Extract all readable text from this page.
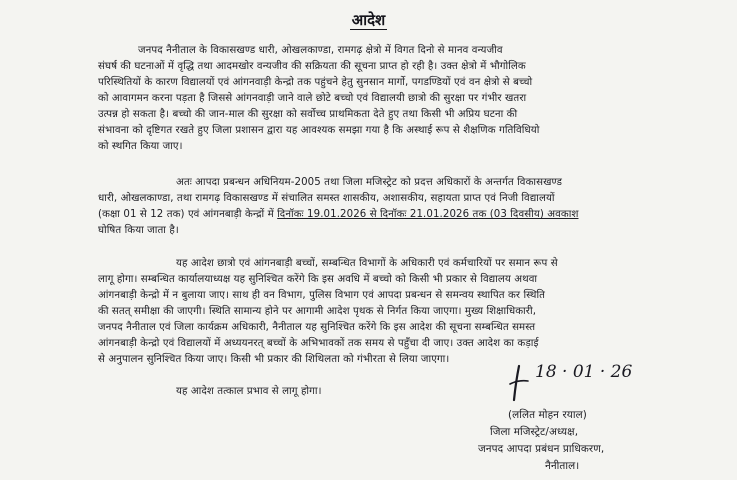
आदेश
जनपद नैनीताल के विकासखण्ड धारी, ओखलकाण्डा, रामगढ़ क्षेत्रो में विगत दिनो से मानव वन्यजीव
संघर्ष की घटनाओं में वृद्धि तथा आदमखोर वन्यजीव की सक्रियता की सूचना प्राप्त हो रही है। उक्त क्षेत्रो में भौगोलिक
परिस्थितियों के कारण विद्यालयों एवं आंगनवाड़ी केन्द्रो तक पहुंचने हेतु सुनसान मार्गो, पगडण्डियों एवं वन क्षेत्रो से बच्चो
को आवागमन करना पड़ता है जिससे आंगनवाड़ी जाने वाले छोटे बच्चो एवं विद्यालयी छात्रो की सुरक्षा पर गंभीर खतरा
उत्पन्न हो सकता है। बच्चो की जान-माल की सुरक्षा को सर्वोच्च प्राथमिकता देते हुए तथा किसी भी अप्रिय घटना की
संभावना को दृष्टिगत रखते हुए जिला प्रशासन द्वारा यह आवश्यक समझा गया है कि अस्थाई रूप से शैक्षणिक गतिविधियो
को स्थगित किया जाए।
अतः आपदा प्रबन्धन अधिनियम-2005 तथा जिला मजिस्ट्रेट को प्रदत्त अधिकारों के अन्तर्गत विकासखण्ड
धारी, ओखलकाण्डा, तथा रामगढ़ विकासखण्ड में संचालित समस्त शासकीय, अशासकीय, सहायता प्राप्त एवं निजी विद्यालयों
(कक्षा 01 से 12 तक) एवं आंगनबाड़ी केन्द्रों में दिनॉकः 19.01.2026 से दिनॉकः 21.01.2026 तक (03 दिवसीय) अवकाश
घोषित किया जाता है।
यह आदेश छात्रो एवं आंगनबाड़ी बच्चों, सम्बन्धित विभागों के अधिकारी एवं कर्मचारियों पर समान रूप से
लागू होगा। सम्बन्धित कार्यालयाध्यक्ष यह सुनिश्चित करेंगे कि इस अवधि में बच्चो को किसी भी प्रकार से विद्यालय अथवा
आंगनबाड़ी केन्द्रो में न बुलाया जाए। साथ ही वन विभाग, पुलिस विभाग एवं आपदा प्रबन्धन से समन्वय स्थापित कर स्थिति
की सतत् समीक्षा की जाएगी। स्थिति सामान्य होने पर आगामी आदेश पृथक से निर्गत किया जाएगा। मुख्य शिक्षाधिकारी,
जनपद नैनीताल एवं जिला कार्यक्रम अधिकारी, नैनीताल यह सुनिश्चित करेंगे कि इस आदेश की सूचना सम्बन्धित समस्त
आंगनबाड़ी केन्द्रो एवं विद्यालयों में अध्ययनरत् बच्चों के अभिभावकों तक समय से पहुँचा दी जाए। उक्त आदेश का कड़ाई
से अनुपालन सुनिश्चित किया जाए। किसी भी प्रकार की शिथिलता को गंभीरता से लिया जाएगा।
यह आदेश तत्काल प्रभाव से लागू होगा।
18 · 01 · 26
(ललित मोहन रयाल)
जिला मजिस्ट्रेट/अध्यक्ष,
जनपद आपदा प्रबंधन प्राधिकरण,
नैनीताल।
